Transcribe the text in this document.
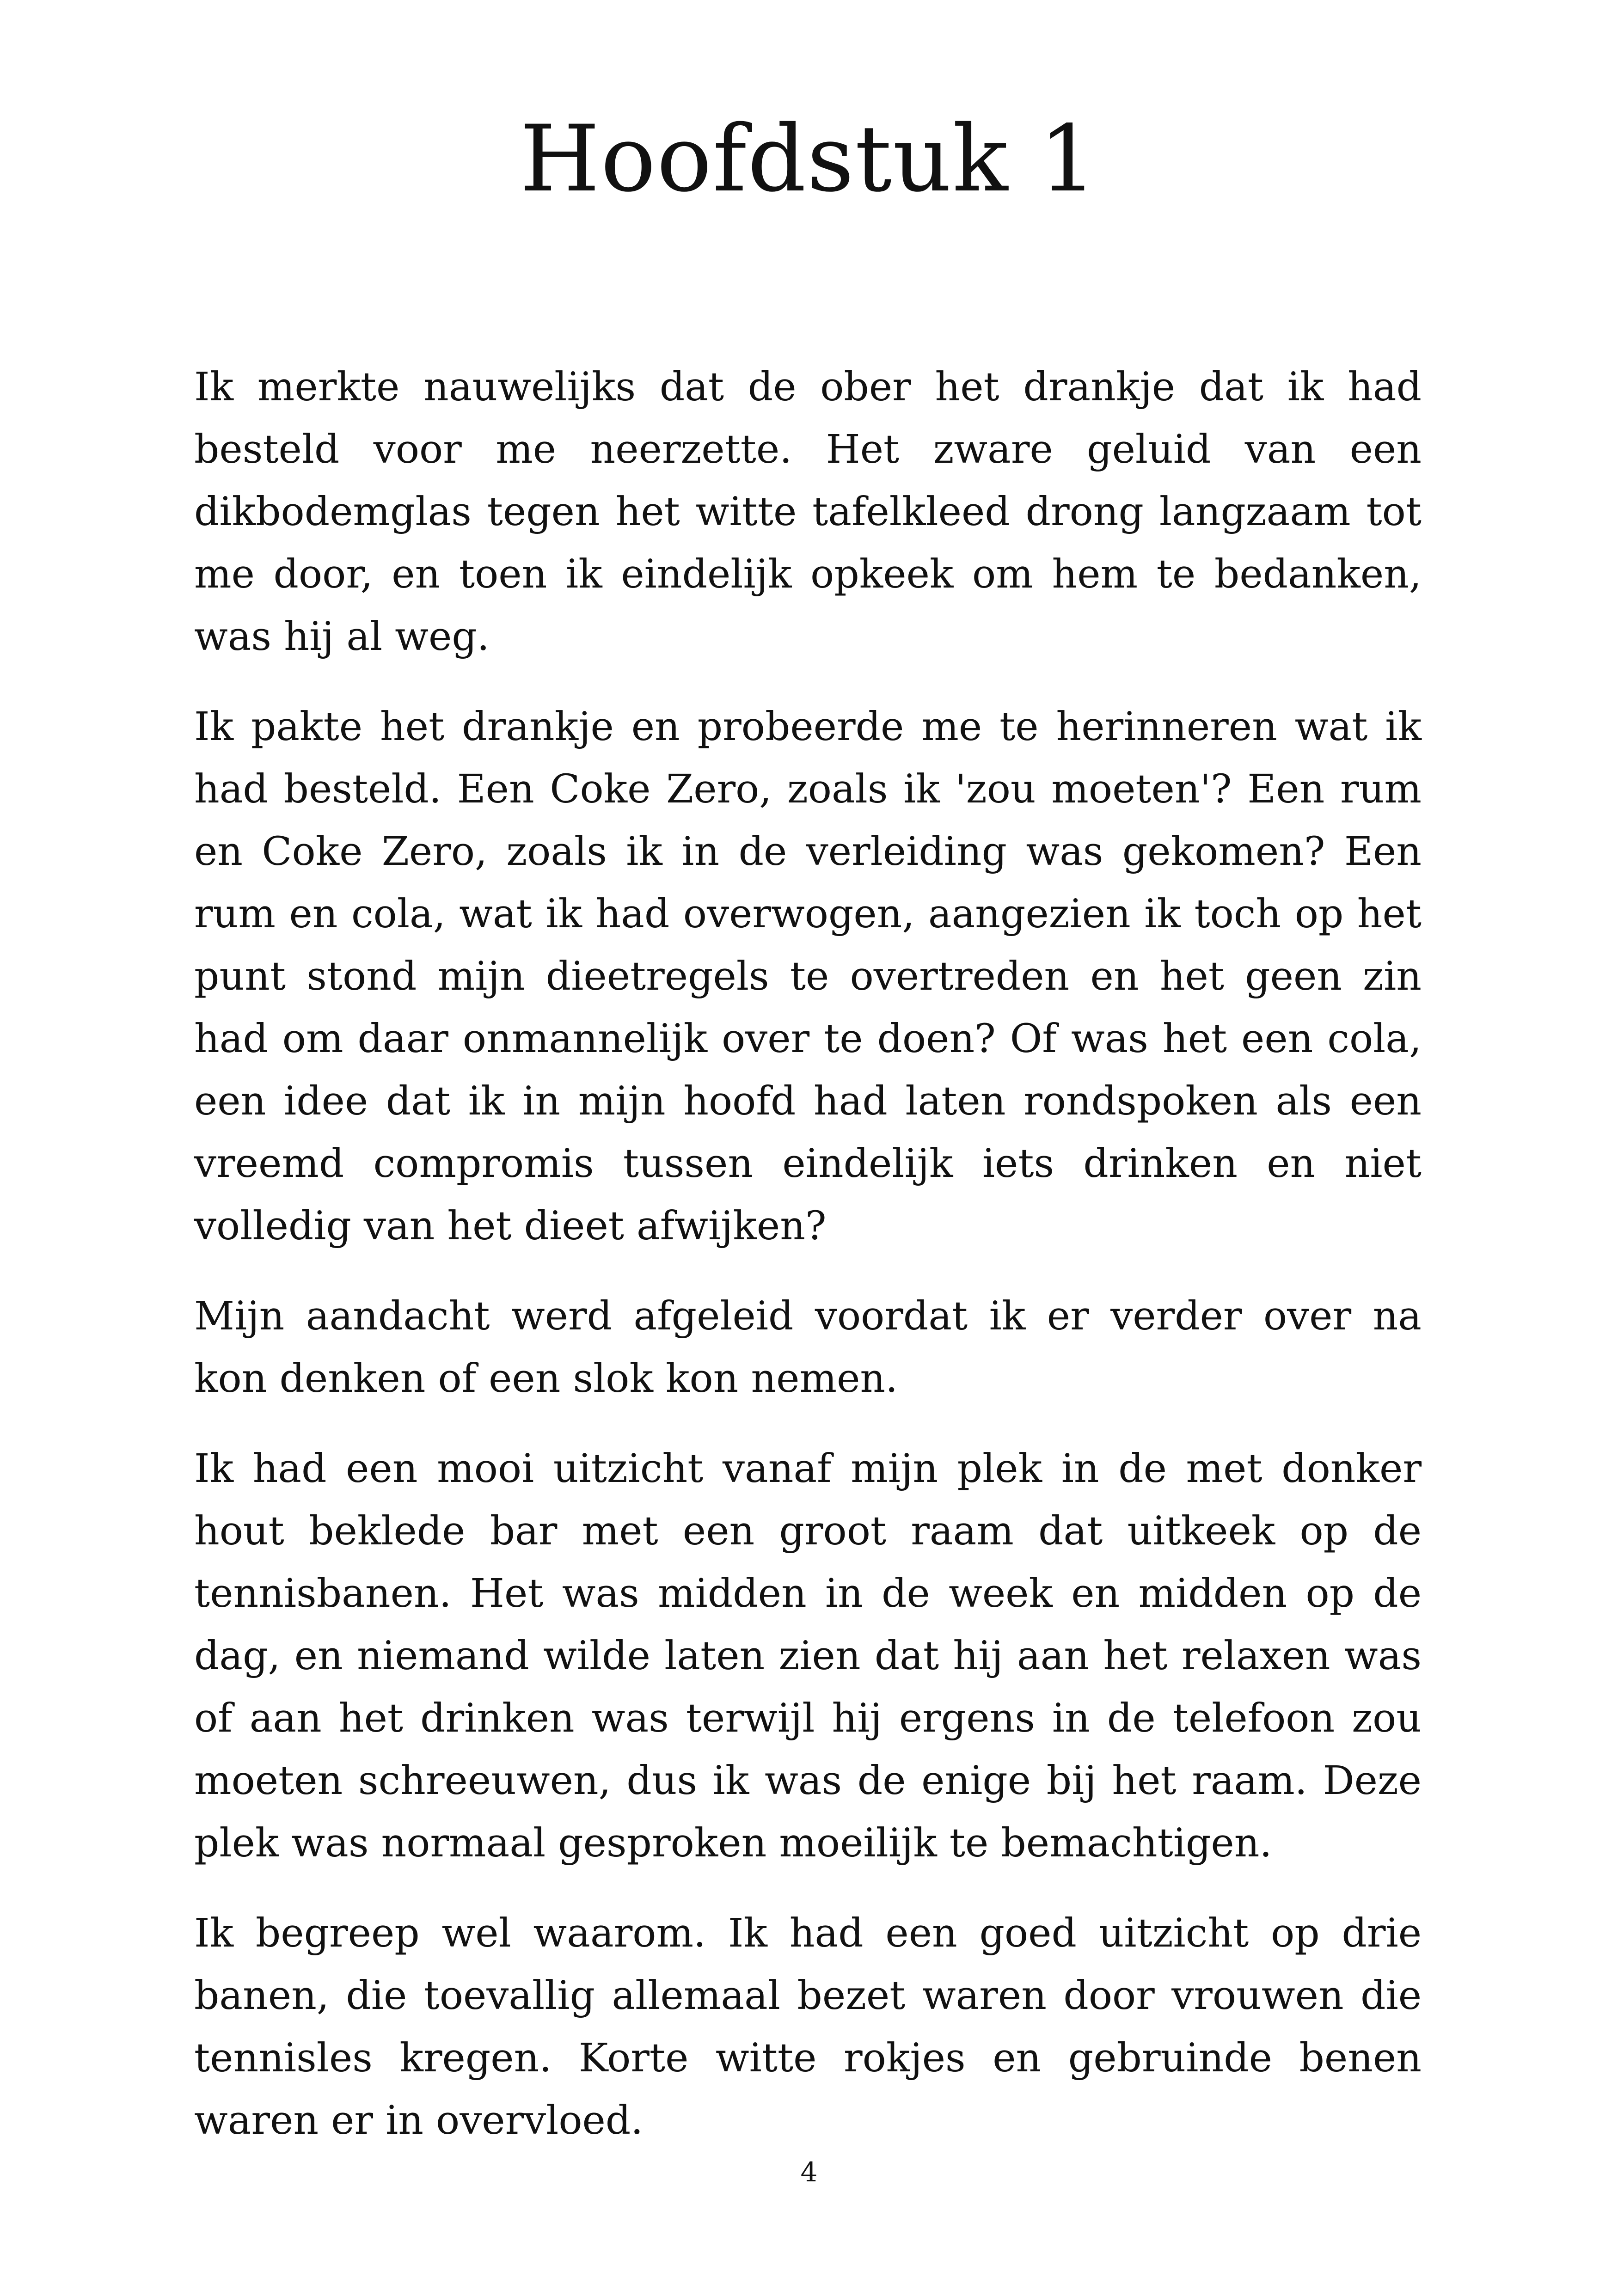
Hoofdstuk 1

Ik merkte nauwelijks dat de ober het drankje dat ik had besteld voor me neerzette. Het zware geluid van een dikbodemglas tegen het witte tafelkleed drong langzaam tot me door, en toen ik eindelijk opkeek om hem te bedanken, was hij al weg.

Ik pakte het drankje en probeerde me te herinneren wat ik had besteld. Een Coke Zero, zoals ik 'zou moeten'? Een rum en Coke Zero, zoals ik in de verleiding was gekomen? Een rum en cola, wat ik had overwogen, aangezien ik toch op het punt stond mijn dieetregels te overtreden en het geen zin had om daar onmannelijk over te doen? Of was het een cola, een idee dat ik in mijn hoofd had laten rondspoken als een vreemd compromis tussen eindelijk iets drinken en niet volledig van het dieet afwijken?

Mijn aandacht werd afgeleid voordat ik er verder over na kon denken of een slok kon nemen.

Ik had een mooi uitzicht vanaf mijn plek in de met donker hout beklede bar met een groot raam dat uitkeek op de tennisbanen. Het was midden in de week en midden op de dag, en niemand wilde laten zien dat hij aan het relaxen was of aan het drinken was terwijl hij ergens in de telefoon zou moeten schreeuwen, dus ik was de enige bij het raam. Deze plek was normaal gesproken moeilijk te bemachtigen.

Ik begreep wel waarom. Ik had een goed uitzicht op drie banen, die toevallig allemaal bezet waren door vrouwen die tennisles kregen. Korte witte rokjes en gebruinde benen waren er in overvloed.

4
